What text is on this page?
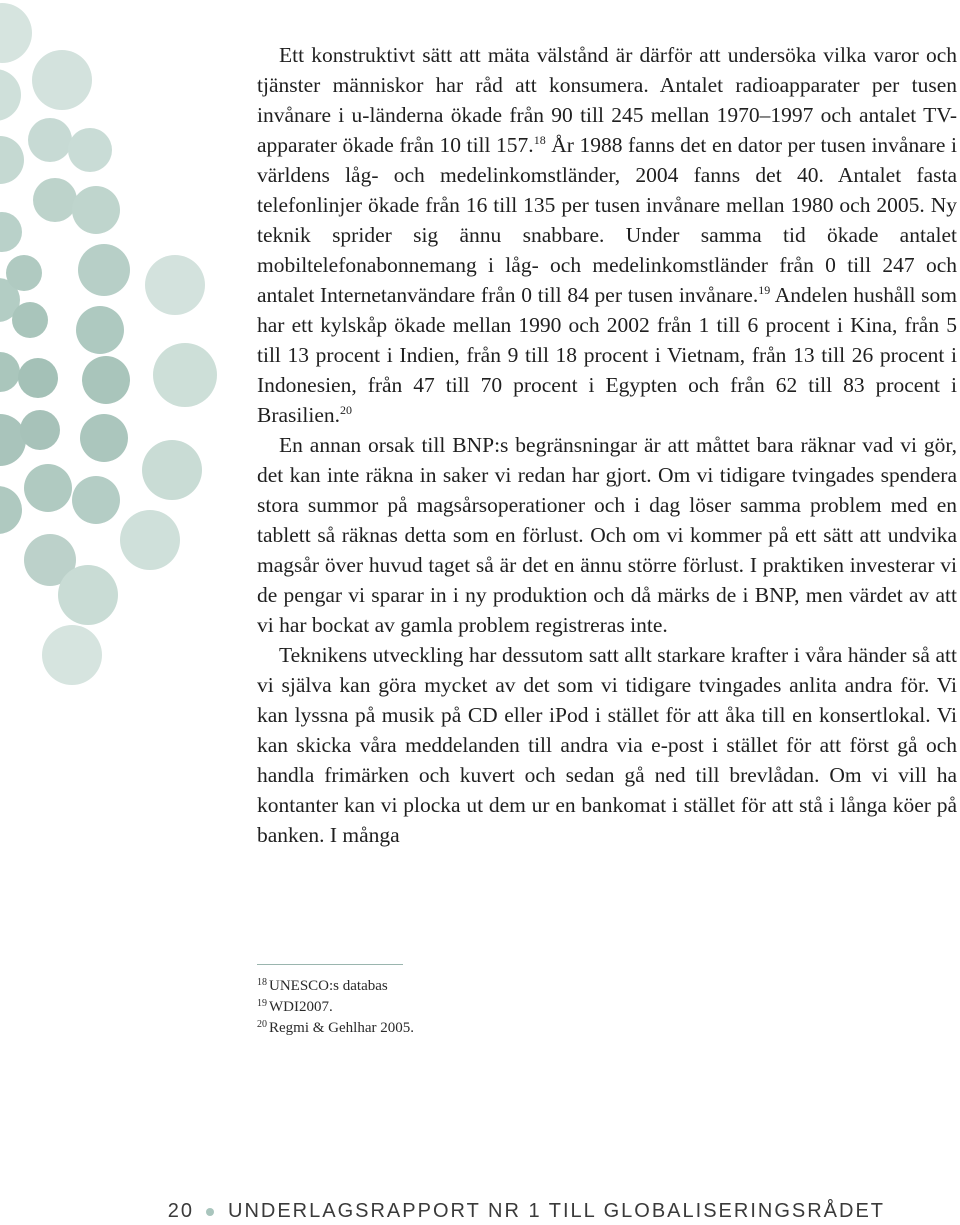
Ett konstruktivt sätt att mäta välstånd är därför att undersöka vilka varor och tjänster människor har råd att konsumera. Antalet radioapparater per tusen invånare i u-länderna ökade från 90 till 245 mellan 1970–1997 och antalet TV-apparater ökade från 10 till 157.18 År 1988 fanns det en dator per tusen invånare i världens låg- och medelinkomstländer, 2004 fanns det 40. Antalet fasta telefonlinjer ökade från 16 till 135 per tusen invånare mellan 1980 och 2005. Ny teknik sprider sig ännu snabbare. Under samma tid ökade antalet mobiltelefonabonnemang i låg- och medelinkomstländer från 0 till 247 och antalet Internetanvändare från 0 till 84 per tusen invånare.$^{19}$ Andelen hushåll som har ett kylskåp ökade mellan 1990 och 2002 från 1 till 6 procent i Kina, från 5 till 13 procent i Indien, från 9 till 18 procent i Vietnam, från 13 till 26 procent i Indonesien, från 47 till 70 procent i Egypten och från 62 till 83 procent i Brasilien.$^{20}$

En annan orsak till BNP:s begränsningar är att måttet bara räknar vad vi gör, det kan inte räkna in saker vi redan har gjort. Om vi tidigare tvingades spendera stora summor på magsårsoperationer och i dag löser samma problem med en tablett så räknas detta som en förlust. Och om vi kommer på ett sätt att undvika magsår över huvud taget så är det en ännu större förlust. I praktiken investerar vi de pengar vi sparar in i ny produktion och då märks de i BNP, men värdet av att vi har bockat av gamla problem registreras inte.

Teknikens utveckling har dessutom satt allt starkare krafter i våra händer så att vi själva kan göra mycket av det som vi tidigare tvingades anlita andra för. Vi kan lyssna på musik på CD eller iPod i stället för att åka till en konsertlokal. Vi kan skicka våra meddelanden till andra via e-post i stället för att först gå och handla frimärken och kuvert och sedan gå ned till brevlådan. Om vi vill ha kontanter kan vi plocka ut dem ur en bankomat i stället för att stå i långa köer på banken. I många

$^{18}$ UNESCO:s databas
$^{19}$ WDI2007.
$^{20}$ Regmi & Gehlhar 2005.
20 UNDERLAGSRAPPORT NR 1 TILL GLOBALISERINGSRÅDET
